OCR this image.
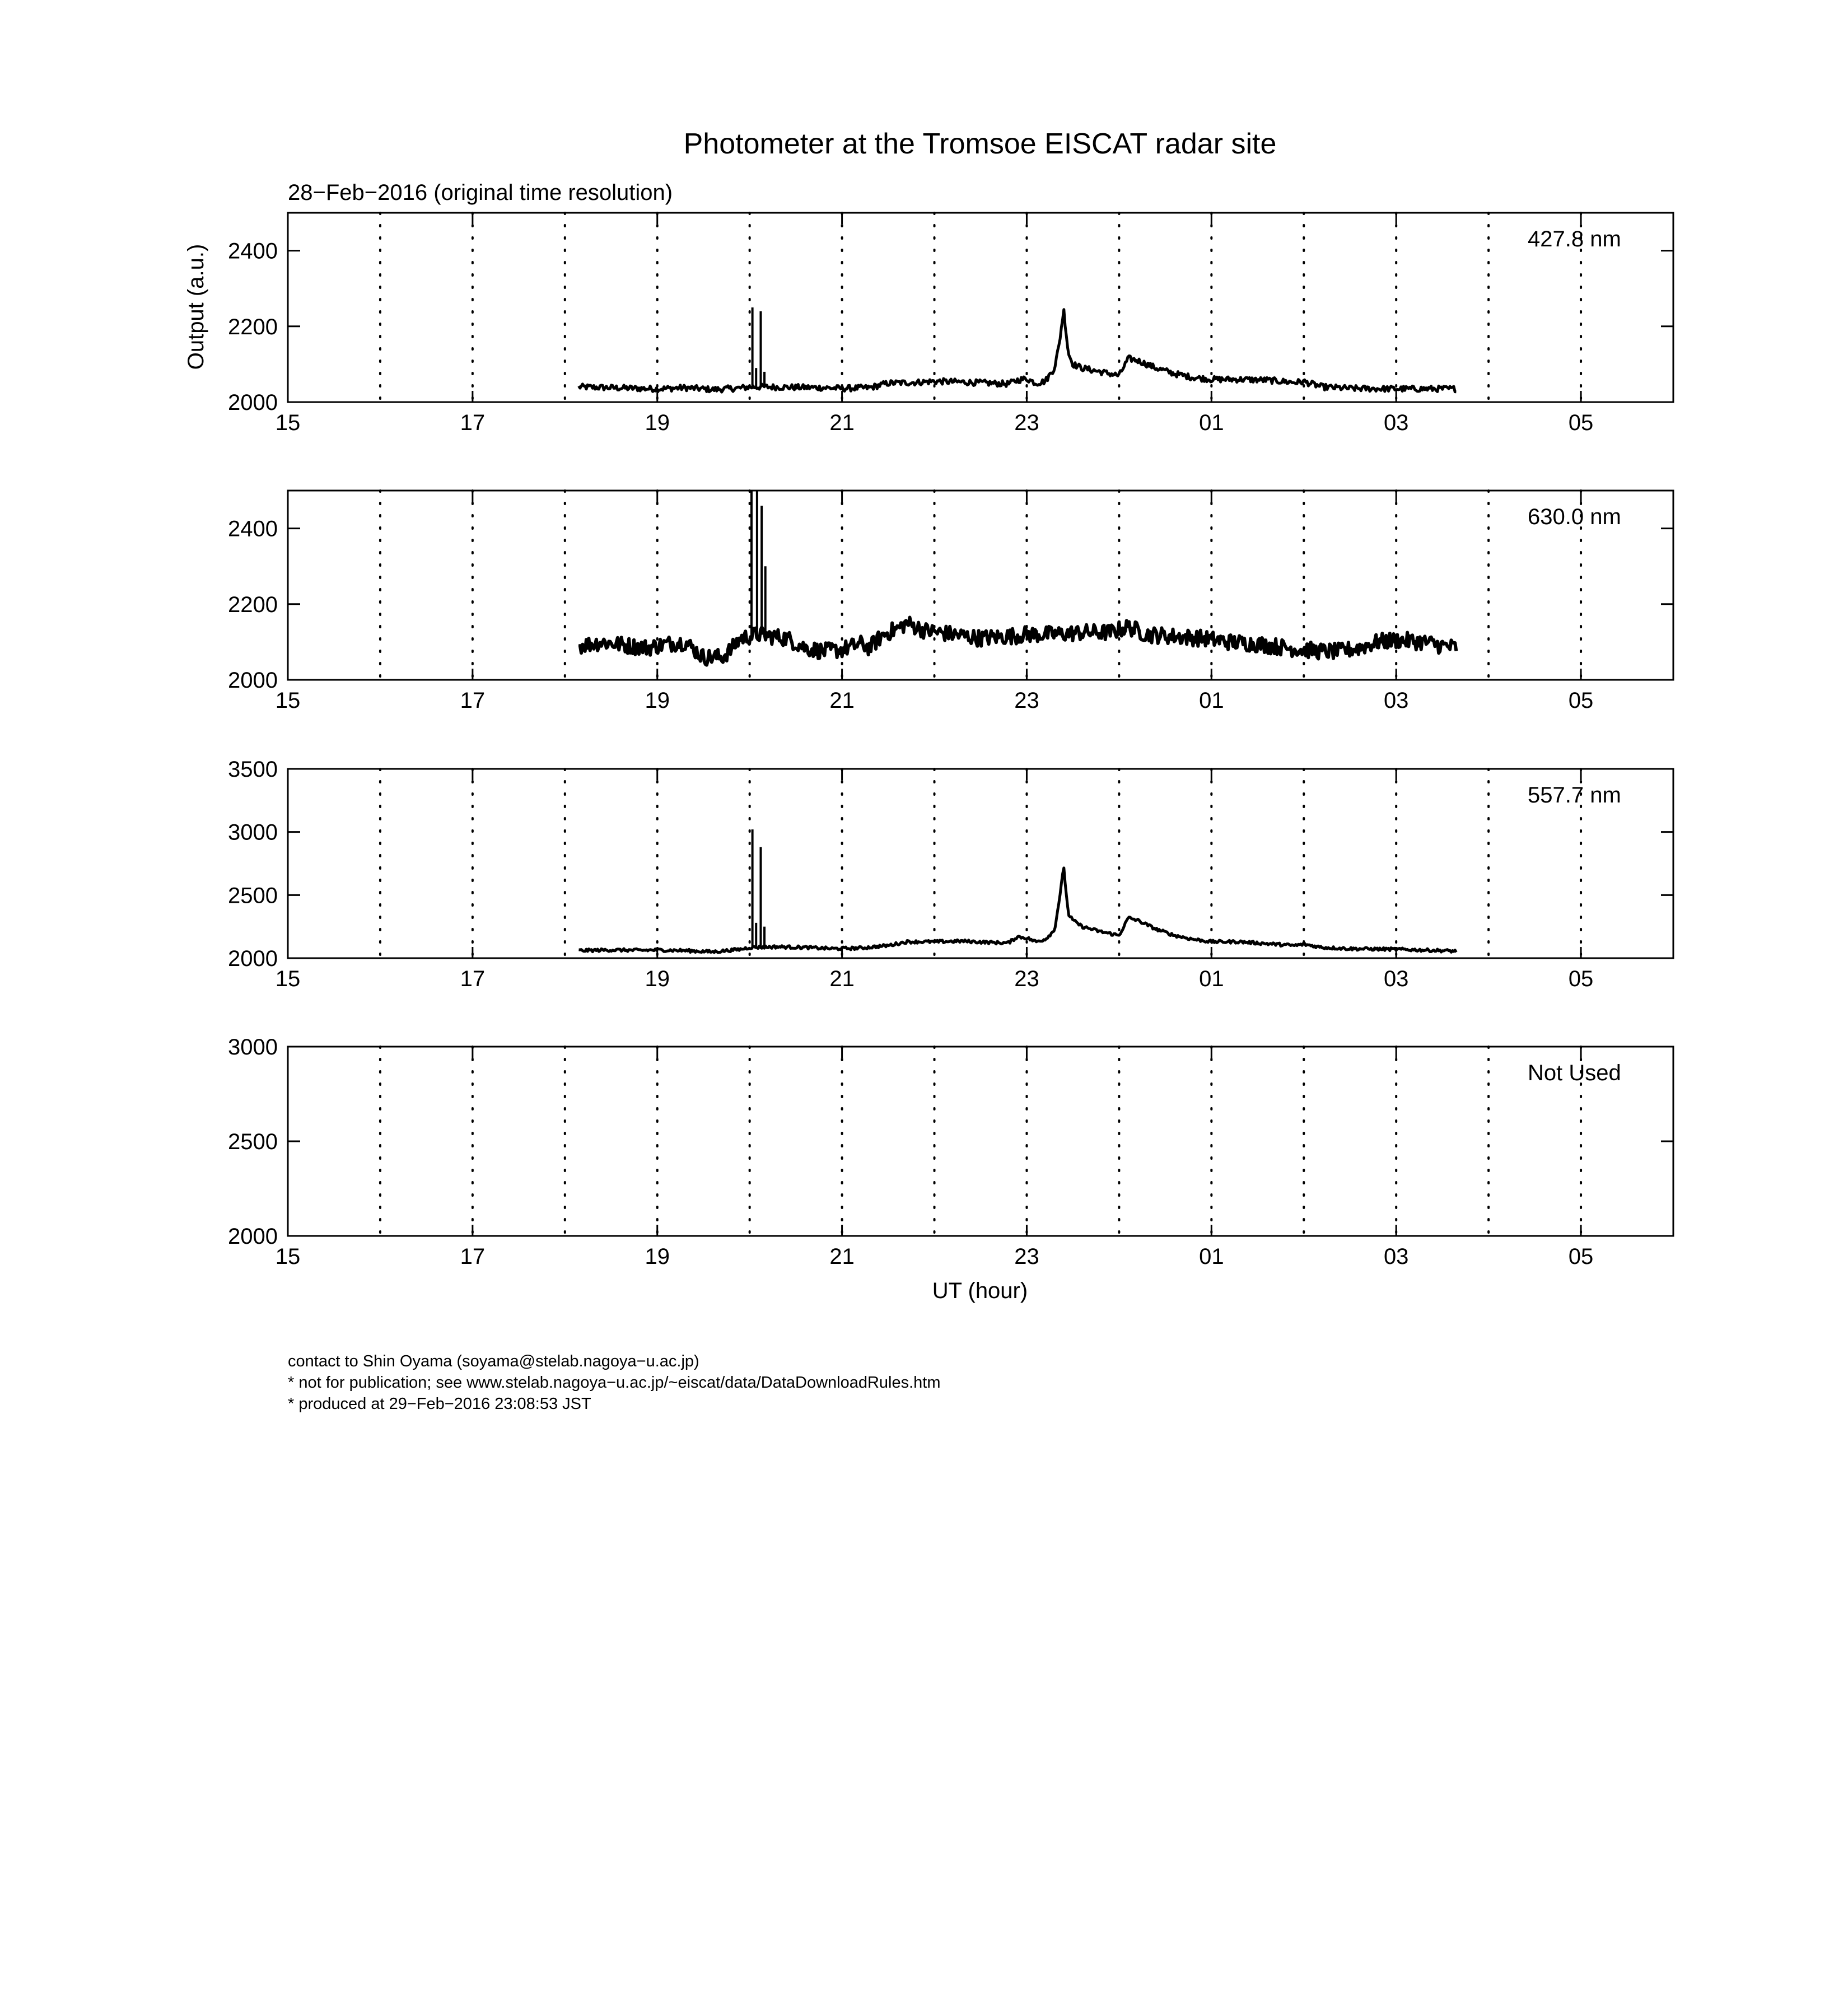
Photometer at the Tromsoe EISCAT radar site
28−Feb−2016 (original time resolution)
Output (a.u.)
UT (hour)
2000
2200
2400
15	17	19	21	23	01	03	05
427.8 nm
2000
2200
2400
15	17	19	21	23	01	03	05
630.0 nm
2000
2500
3000
3500
15	17	19	21	23	01	03	05
557.7 nm
2000
2500
3000
15	17	19	21	23	01	03	05
Not Used
contact to Shin Oyama (soyama@stelab.nagoya−u.ac.jp)
* not for publication; see www.stelab.nagoya−u.ac.jp/~eiscat/data/DataDownloadRules.htm
* produced at 29−Feb−2016 23:08:53 JST
